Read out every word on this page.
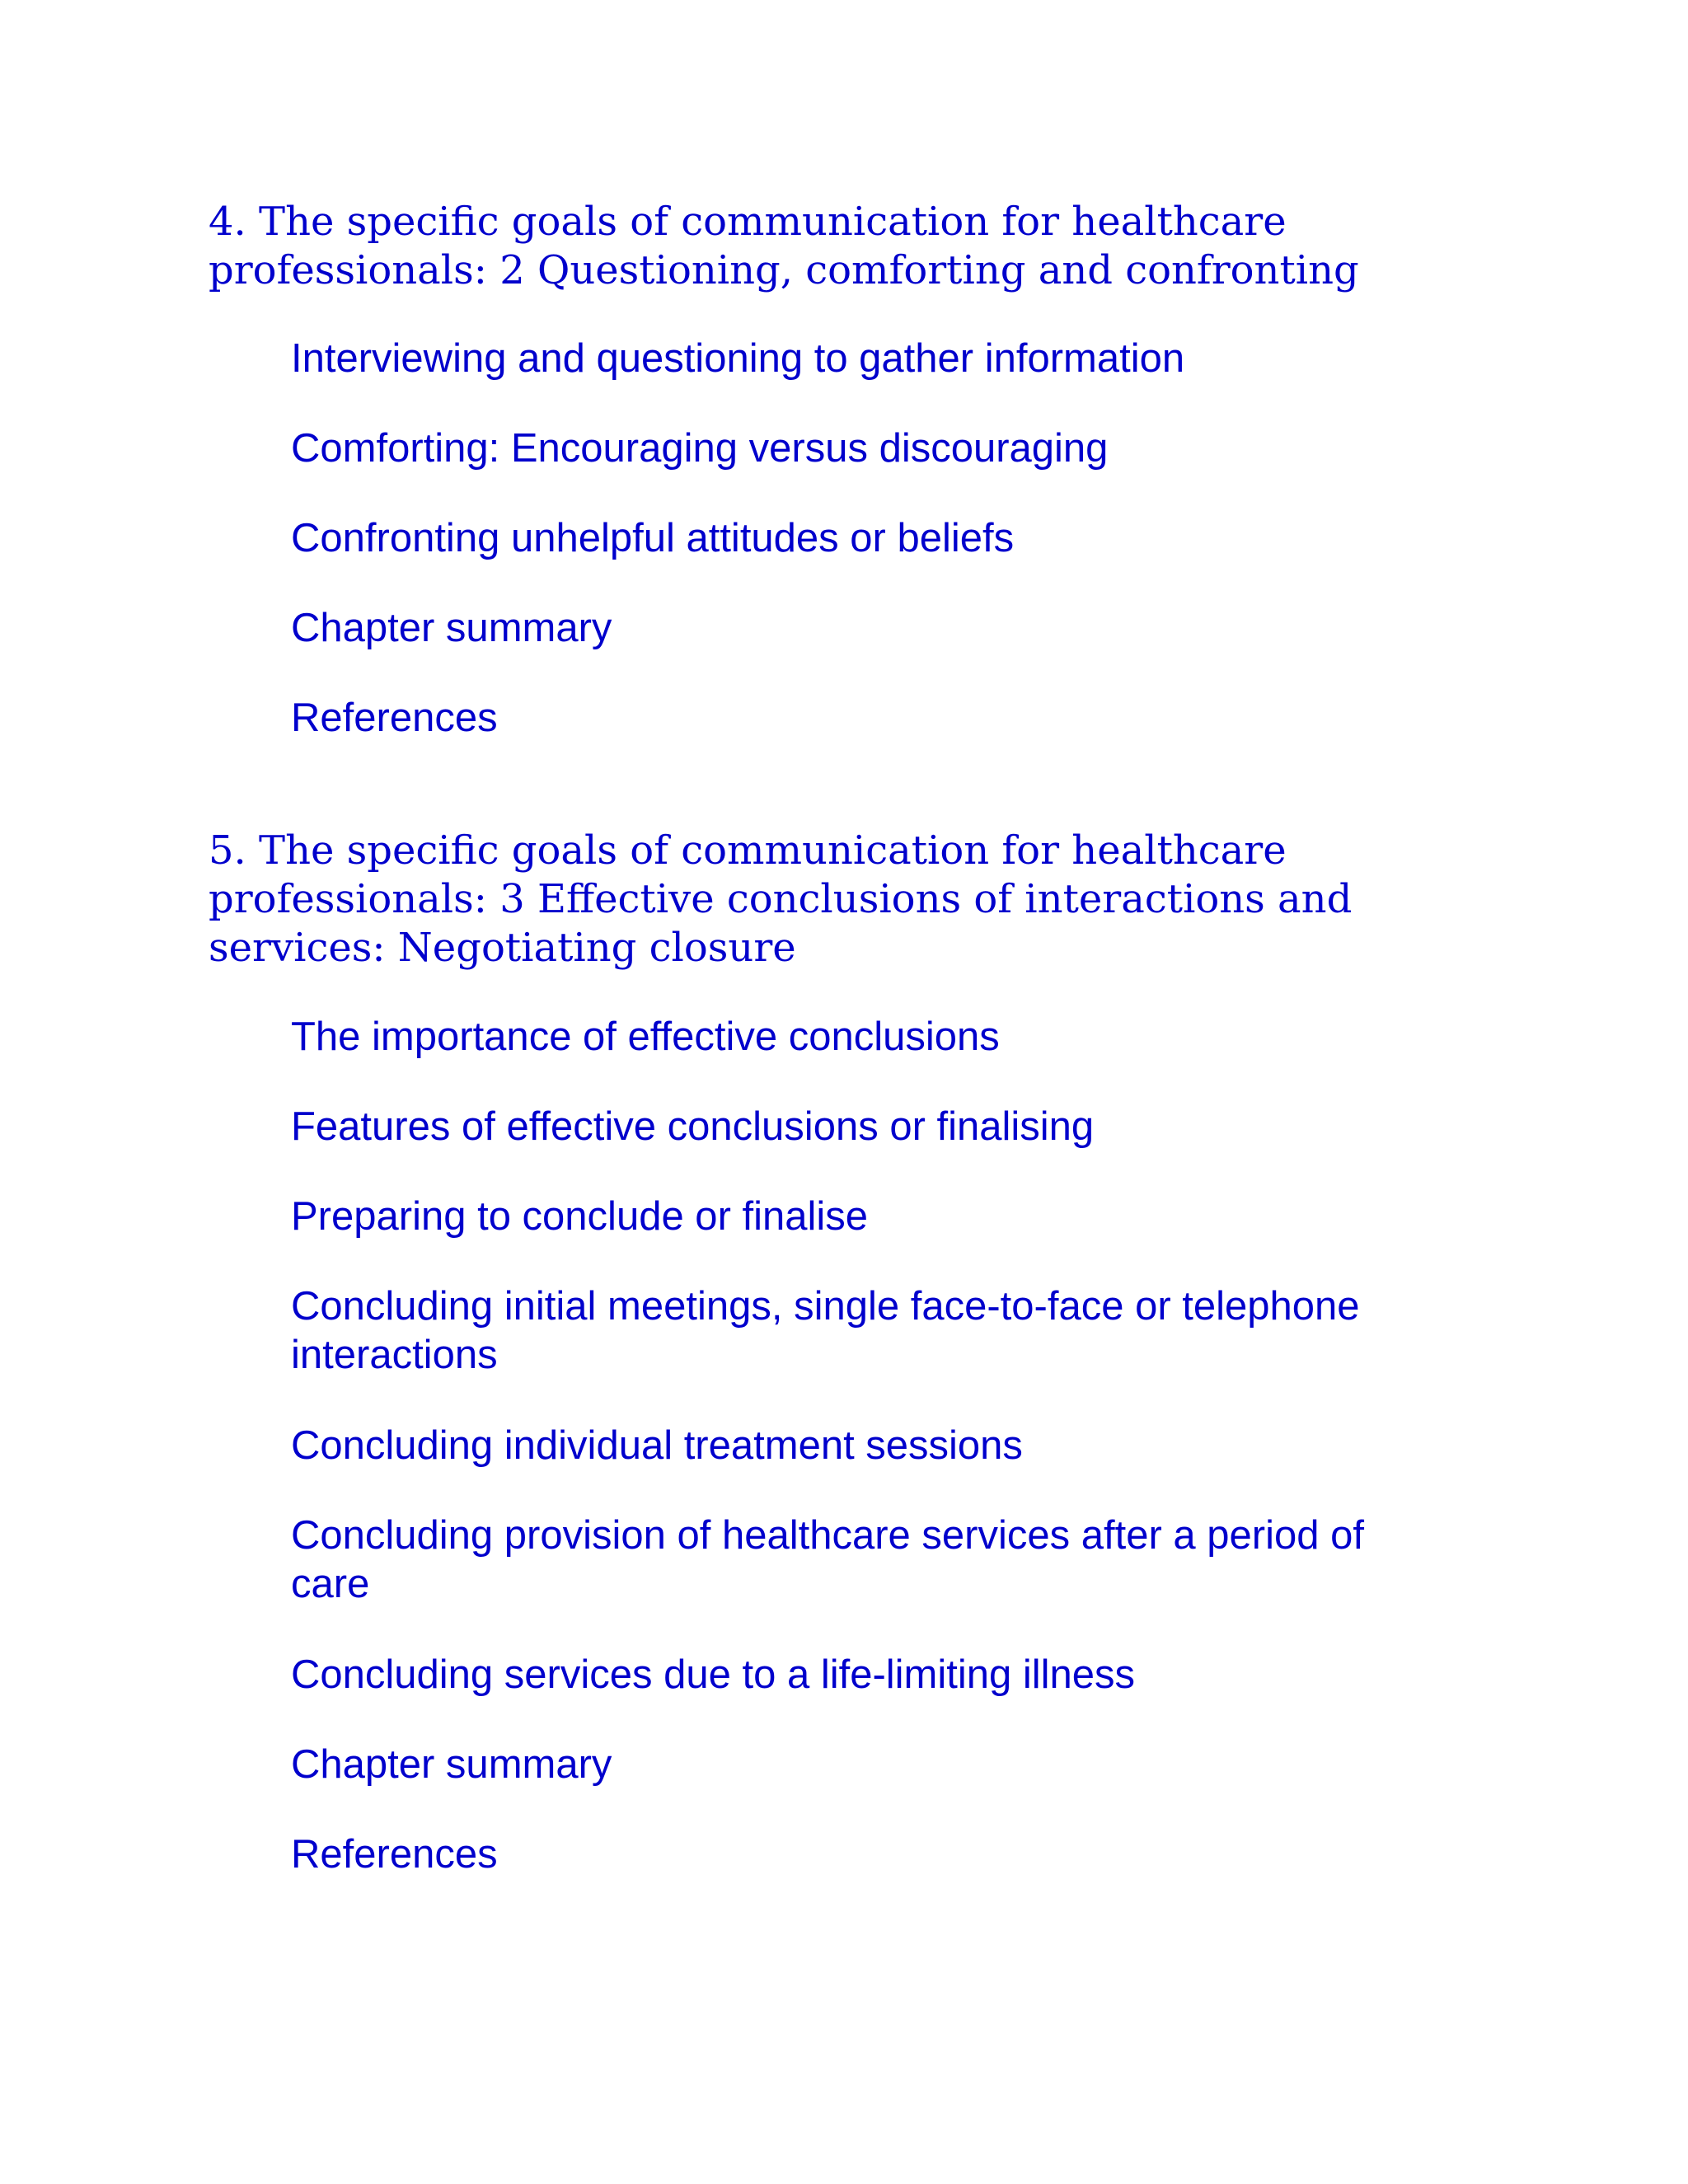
4. The specific goals of communication for healthcare professionals: 2 Questioning, comforting and confronting

Interviewing and questioning to gather information

Comforting: Encouraging versus discouraging

Confronting unhelpful attitudes or beliefs

Chapter summary

References

5. The specific goals of communication for healthcare professionals: 3 Effective conclusions of interactions and services: Negotiating closure

The importance of effective conclusions

Features of effective conclusions or finalising

Preparing to conclude or finalise

Concluding initial meetings, single face-to-face or telephone interactions

Concluding individual treatment sessions

Concluding provision of healthcare services after a period of care

Concluding services due to a life-limiting illness

Chapter summary

References
